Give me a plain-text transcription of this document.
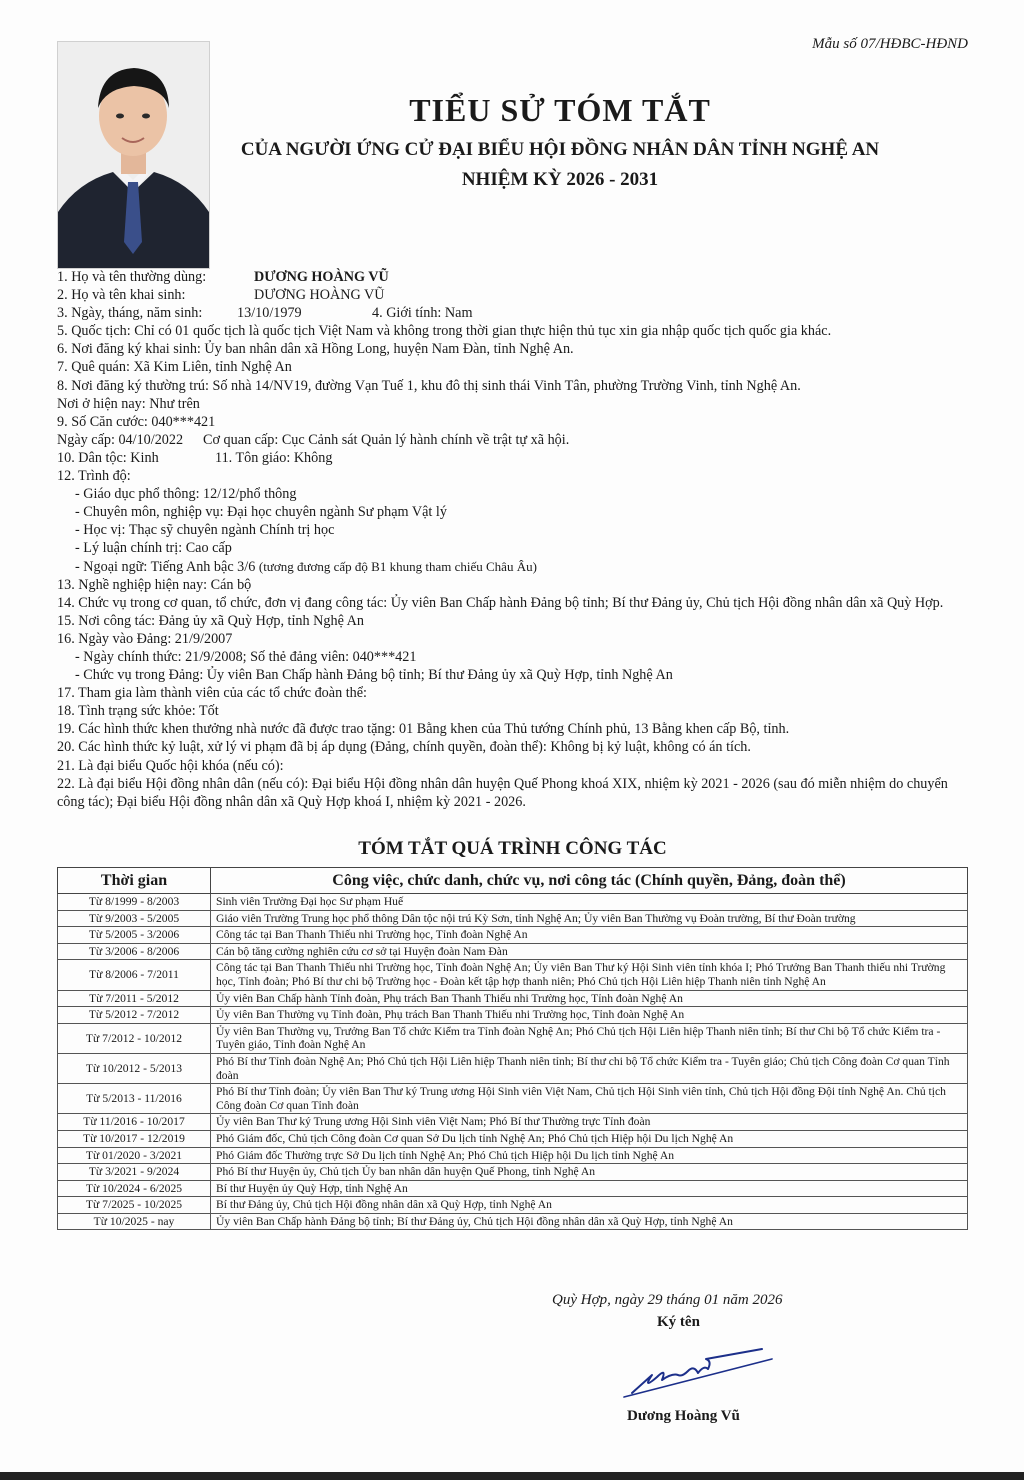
Mẫu số 07/HĐBC-HĐND
TIỂU SỬ TÓM TẮT
CỦA NGƯỜI ỨNG CỬ ĐẠI BIỂU HỘI ĐỒNG NHÂN DÂN TỈNH NGHỆ AN
NHIỆM KỲ 2026 - 2031
1. Họ và tên thường dùng:	DƯƠNG HOÀNG VŨ
2. Họ và tên khai sinh:	DƯƠNG HOÀNG VŨ
3. Ngày, tháng, năm sinh: 13/10/1979	4. Giới tính: Nam
5. Quốc tịch: Chỉ có 01 quốc tịch là quốc tịch Việt Nam và không trong thời gian thực hiện thủ tục xin gia nhập quốc tịch quốc gia khác.
6. Nơi đăng ký khai sinh: Ủy ban nhân dân xã Hồng Long, huyện Nam Đàn, tỉnh Nghệ An.
7. Quê quán: Xã Kim Liên, tỉnh Nghệ An
8. Nơi đăng ký thường trú: Số nhà 14/NV19, đường Vạn Tuế 1, khu đô thị sinh thái Vinh Tân, phường Trường Vinh, tỉnh Nghệ An.
Nơi ở hiện nay: Như trên
9. Số Căn cước: 040***421
Ngày cấp: 04/10/2022 Cơ quan cấp: Cục Cảnh sát Quản lý hành chính về trật tự xã hội.
10. Dân tộc: Kinh	11. Tôn giáo: Không
12. Trình độ:
- Giáo dục phổ thông: 12/12/phổ thông
- Chuyên môn, nghiệp vụ: Đại học chuyên ngành Sư phạm Vật lý
- Học vị: Thạc sỹ chuyên ngành Chính trị học
- Lý luận chính trị: Cao cấp
- Ngoại ngữ: Tiếng Anh bậc 3/6 (tương đương cấp độ B1 khung tham chiếu Châu Âu)
13. Nghề nghiệp hiện nay: Cán bộ
14. Chức vụ trong cơ quan, tổ chức, đơn vị đang công tác: Ủy viên Ban Chấp hành Đảng bộ tỉnh; Bí thư Đảng ủy, Chủ tịch Hội đồng nhân dân xã Quỳ Hợp.
15. Nơi công tác: Đảng ủy xã Quỳ Hợp, tỉnh Nghệ An
16. Ngày vào Đảng: 21/9/2007
- Ngày chính thức: 21/9/2008; Số thẻ đảng viên: 040***421
- Chức vụ trong Đảng: Ủy viên Ban Chấp hành Đảng bộ tỉnh; Bí thư Đảng ủy xã Quỳ Hợp, tỉnh Nghệ An
17. Tham gia làm thành viên của các tổ chức đoàn thể:
18. Tình trạng sức khỏe: Tốt
19. Các hình thức khen thưởng nhà nước đã được trao tặng: 01 Bằng khen của Thủ tướng Chính phủ, 13 Bằng khen cấp Bộ, tỉnh.
20. Các hình thức kỷ luật, xử lý vi phạm đã bị áp dụng (Đảng, chính quyền, đoàn thể): Không bị kỷ luật, không có án tích.
21. Là đại biểu Quốc hội khóa (nếu có):
22. Là đại biểu Hội đồng nhân dân (nếu có): Đại biểu Hội đồng nhân dân huyện Quế Phong khoá XIX, nhiệm kỳ 2021 - 2026 (sau đó miễn nhiệm do chuyển công tác); Đại biểu Hội đồng nhân dân xã Quỳ Hợp khoá I, nhiệm kỳ 2021 - 2026.
TÓM TẮT QUÁ TRÌNH CÔNG TÁC
Thời gian	Công việc, chức danh, chức vụ, nơi công tác (Chính quyền, Đảng, đoàn thể)
Từ 8/1999 - 8/2003	Sinh viên Trường Đại học Sư phạm Huế
Từ 9/2003 - 5/2005	Giáo viên Trường Trung học phổ thông Dân tộc nội trú Kỳ Sơn, tỉnh Nghệ An; Ủy viên Ban Thường vụ Đoàn trường, Bí thư Đoàn trường
Từ 5/2005 - 3/2006	Công tác tại Ban Thanh Thiếu nhi Trường học, Tỉnh đoàn Nghệ An
Từ 3/2006 - 8/2006	Cán bộ tăng cường nghiên cứu cơ sở tại Huyện đoàn Nam Đàn
Từ 8/2006 - 7/2011	Công tác tại Ban Thanh Thiếu nhi Trường học, Tỉnh đoàn Nghệ An; Ủy viên Ban Thư ký Hội Sinh viên tỉnh khóa I; Phó Trưởng Ban Thanh thiếu nhi Trường học, Tỉnh đoàn; Phó Bí thư chi bộ Trường học - Đoàn kết tập hợp thanh niên; Phó Chủ tịch Hội Liên hiệp Thanh niên tỉnh Nghệ An
Từ 7/2011 - 5/2012	Ủy viên Ban Chấp hành Tỉnh đoàn, Phụ trách Ban Thanh Thiếu nhi Trường học, Tỉnh đoàn Nghệ An
Từ 5/2012 - 7/2012	Ủy viên Ban Thường vụ Tỉnh đoàn, Phụ trách Ban Thanh Thiếu nhi Trường học, Tỉnh đoàn Nghệ An
Từ 7/2012 - 10/2012	Ủy viên Ban Thường vụ, Trưởng Ban Tổ chức Kiểm tra Tỉnh đoàn Nghệ An; Phó Chủ tịch Hội Liên hiệp Thanh niên tỉnh; Bí thư Chi bộ Tổ chức Kiểm tra - Tuyên giáo, Tỉnh đoàn Nghệ An
Từ 10/2012 - 5/2013	Phó Bí thư Tỉnh đoàn Nghệ An; Phó Chủ tịch Hội Liên hiệp Thanh niên tỉnh; Bí thư chi bộ Tổ chức Kiểm tra - Tuyên giáo; Chủ tịch Công đoàn Cơ quan Tỉnh đoàn
Từ 5/2013 - 11/2016	Phó Bí thư Tỉnh đoàn; Ủy viên Ban Thư ký Trung ương Hội Sinh viên Việt Nam, Chủ tịch Hội Sinh viên tỉnh, Chủ tịch Hội đồng Đội tỉnh Nghệ An. Chủ tịch Công đoàn Cơ quan Tỉnh đoàn
Từ 11/2016 - 10/2017	Ủy viên Ban Thư ký Trung ương Hội Sinh viên Việt Nam; Phó Bí thư Thường trực Tỉnh đoàn
Từ 10/2017 - 12/2019	Phó Giám đốc, Chủ tịch Công đoàn Cơ quan Sở Du lịch tỉnh Nghệ An; Phó Chủ tịch Hiệp hội Du lịch Nghệ An
Từ 01/2020 - 3/2021	Phó Giám đốc Thường trực Sở Du lịch tỉnh Nghệ An; Phó Chủ tịch Hiệp hội Du lịch tỉnh Nghệ An
Từ 3/2021 - 9/2024	Phó Bí thư Huyện ủy, Chủ tịch Ủy ban nhân dân huyện Quế Phong, tỉnh Nghệ An
Từ 10/2024 - 6/2025	Bí thư Huyện ủy Quỳ Hợp, tỉnh Nghệ An
Từ 7/2025 - 10/2025	Bí thư Đảng ủy, Chủ tịch Hội đồng nhân dân xã Quỳ Hợp, tỉnh Nghệ An
Từ 10/2025 - nay	Ủy viên Ban Chấp hành Đảng bộ tỉnh; Bí thư Đảng ủy, Chủ tịch Hội đồng nhân dân xã Quỳ Hợp, tỉnh Nghệ An
Quỳ Hợp, ngày 29 tháng 01 năm 2026
Ký tên
Dương Hoàng Vũ
